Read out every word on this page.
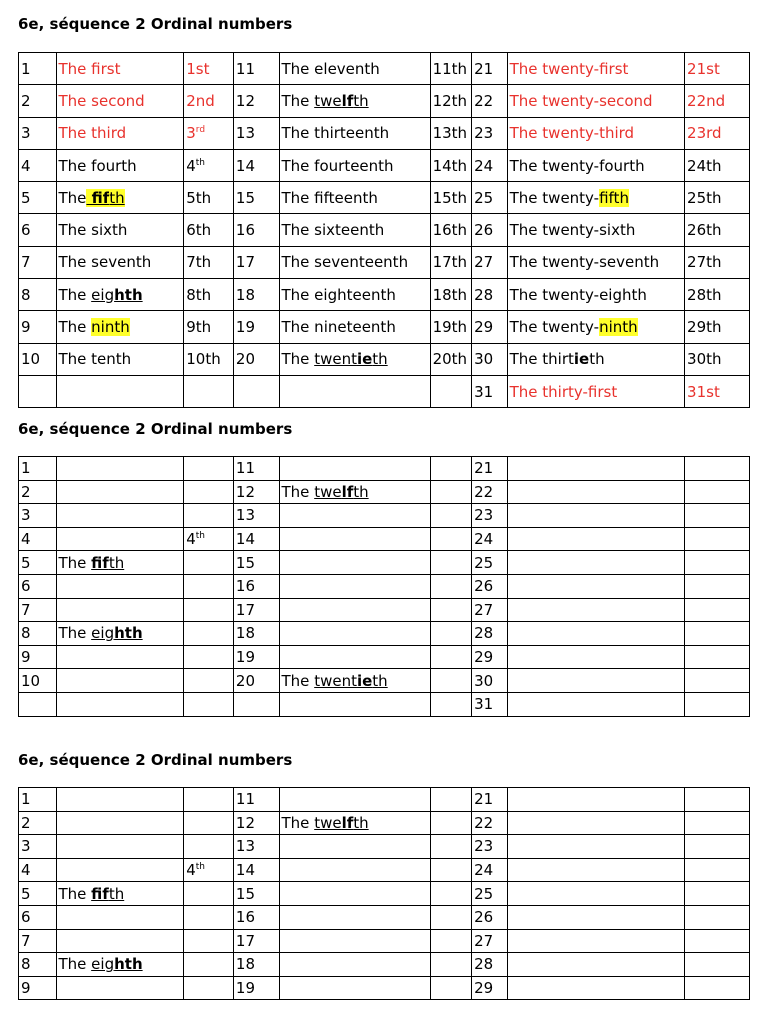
6e, séquence 2 Ordinal numbers
1	The first	1st	11	The eleventh	11th	21	The twenty-first	21st
2	The second	2nd	12	The twelfth	12th	22	The twenty-second	22nd
3	The third	3rd	13	The thirteenth	13th	23	The twenty-third	23rd
4	The fourth	4th	14	The fourteenth	14th	24	The twenty-fourth	24th
5	The fifth	5th	15	The fifteenth	15th	25	The twenty-fifth	25th
6	The sixth	6th	16	The sixteenth	16th	26	The twenty-sixth	26th
7	The seventh	7th	17	The seventeenth	17th	27	The twenty-seventh	27th
8	The eighth	8th	18	The eighteenth	18th	28	The twenty-eighth	28th
9	The ninth	9th	19	The nineteenth	19th	29	The twenty-ninth	29th
10	The tenth	10th	20	The twentieth	20th	30	The thirtieth	30th
						31	The thirty-first	31st
6e, séquence 2 Ordinal numbers
1			11			21		
2			12	The twelfth		22		
3			13			23		
4		4th	14			24		
5	The fifth		15			25		
6			16			26		
7			17			27		
8	The eighth		18			28		
9			19			29		
10			20	The twentieth		30		
						31		
6e, séquence 2 Ordinal numbers
1			11			21		
2			12	The twelfth		22		
3			13			23		
4		4th	14			24		
5	The fifth		15			25		
6			16			26		
7			17			27		
8	The eighth		18			28		
9			19			29		
